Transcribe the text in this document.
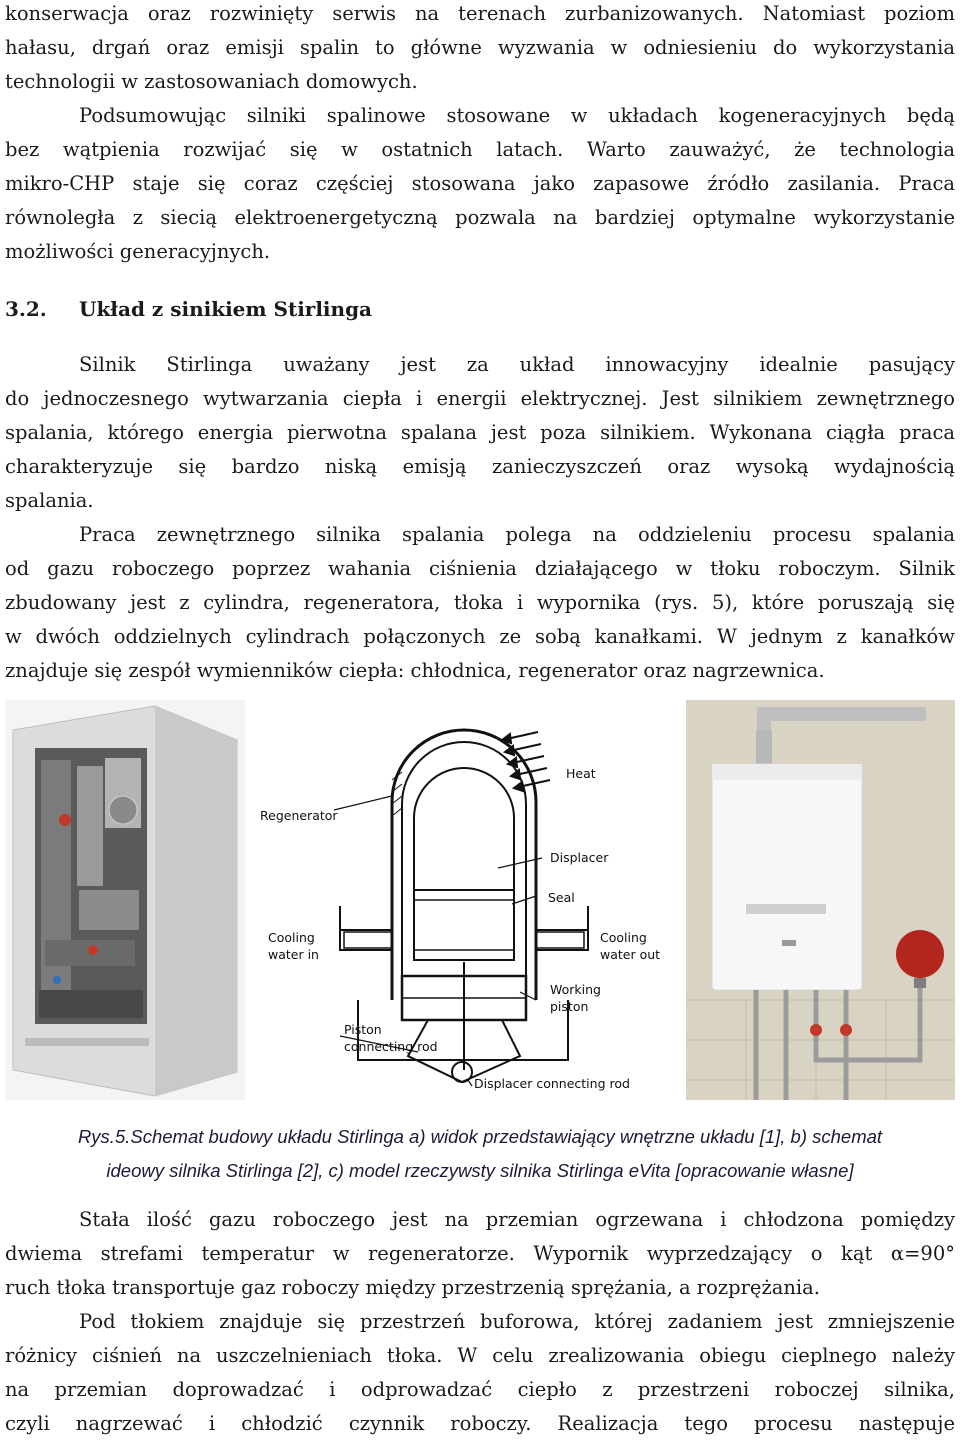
konserwacja oraz rozwinięty serwis na terenach zurbanizowanych. Natomiast poziom
hałasu, drgań oraz emisji spalin to główne wyzwania w odniesieniu do wykorzystania
technologii w zastosowaniach domowych.
Podsumowując silniki spalinowe stosowane w układach kogeneracyjnych będą
bez wątpienia rozwijać się w ostatnich latach. Warto zauważyć, że technologia
mikro-CHP staje się coraz częściej stosowana jako zapasowe źródło zasilania. Praca
równoległa z siecią elektroenergetyczną pozwala na bardziej optymalne wykorzystanie
możliwości generacyjnych.
3.2. Układ z sinikiem Stirlinga
Silnik Stirlinga uważany jest za układ innowacyjny idealnie pasujący
do jednoczesnego wytwarzania ciepła i energii elektrycznej. Jest silnikiem zewnętrznego
spalania, którego energia pierwotna spalana jest poza silnikiem. Wykonana ciągła praca
charakteryzuje się bardzo niską emisją zanieczyszczeń oraz wysoką wydajnością
spalania.
Praca zewnętrznego silnika spalania polega na oddzieleniu procesu spalania
od gazu roboczego poprzez wahania ciśnienia działającego w tłoku roboczym. Silnik
zbudowany jest z cylindra, regeneratora, tłoka i wypornika (rys. 5), które poruszają się
w dwóch oddzielnych cylindrach połączonych ze sobą kanałkami. W jednym z kanałków
znajduje się zespół wymienników ciepła: chłodnica, regenerator oraz nagrzewnica.
Heat
Regenerator
Displacer
Seal
Cooling
water in
Cooling
water out
Working
piston
Piston
connecting rod
Displacer connecting rod
Rys.5.Schemat budowy układu Stirlinga a) widok przedstawiający wnętrzne układu [1], b) schemat
ideowy silnika Stirlinga [2], c) model rzeczywsty silnika Stirlinga eVita [opracowanie własne]
Stała ilość gazu roboczego jest na przemian ogrzewana i chłodzona pomiędzy
dwiema strefami temperatur w regeneratorze. Wypornik wyprzedzający o kąt α=90°
ruch tłoka transportuje gaz roboczy między przestrzenią sprężania, a rozprężania.
Pod tłokiem znajduje się przestrzeń buforowa, której zadaniem jest zmniejszenie
różnicy ciśnień na uszczelnieniach tłoka. W celu zrealizowania obiegu cieplnego należy
na przemian doprowadzać i odprowadzać ciepło z przestrzeni roboczej silnika,
czyli nagrzewać i chłodzić czynnik roboczy. Realizacja tego procesu następuje
